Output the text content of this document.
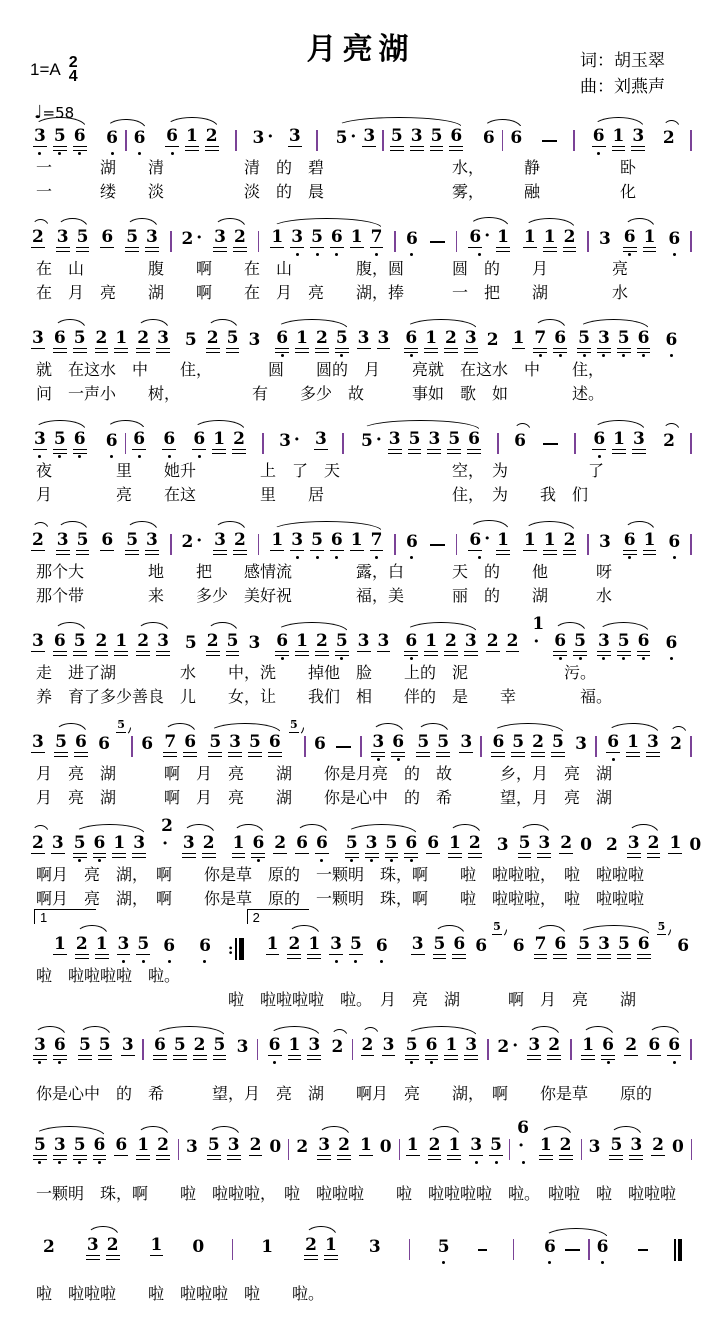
月亮湖	词：胡玉翠
曲：刘燕声
1=A 2
4
♩=58
3 5 6 6 6 6 1 2 3 · 3 5 · 3 5 3 5 6 6 6	6 1 3 2
一　　　湖　　清　　　　　清　的　碧　　　　　　　　水，　　　静　　　　　卧
一　　　缕　　淡　　　　　淡　的　晨　　　　　　　　雾，　　　融　　　　　化
2 3 5 6 5 3 2 · 3 2 1 3 5 6 1 7 6	6 · 1 1 1 2 3 6 1 6
在　山　　　　腹　　啊　　在　山　　　　腹，圆　　　圆　的　　月　　　　亮
在　月　亮　　湖　　啊　　在　月　亮　　湖，捧　　　一　把　　湖　　　　水
3 6 5 2 1 2 3 5 2 5 3 6 1 2 5 3 3 6 1 2 3 2 1 7 6 5 3 5 6 6
就　在这水　中　　住，　　　　圆　　圆的　月　　亮就　在这水　中　　住，
问　一声小　　树，　　　　　有　　多少　故　　　事如　歌　如　　　　述。
3 5 6 6 6 6 6 1 2 3 · 3 5 · 3 5 3 5 6 6	6 1 3 2
夜　　　　里　　她升　　　　上　了　天　　　　　　　空，　为　　　　　了
月　　　　亮　　在这　　　　里　　居　　　　　　　　住，　为　　我　们
2 3 5 6 5 3 2 · 3 2 1 3 5 6 1 7 6	6 · 1 1 1 2 3 6 1 6
那个大　　　　地　　把　　感情流　　　　露，白　　　天　的　　他　　　呀
那个带　　　　来　　多少　美好祝　　　　福，美　　　丽　的　　湖　　　水
3 6 5 2 1 2 3 5 2 5 3 6 1 2 5 3 3 6 1 2 3 2 2
1· 6 5 3 5 6 6
走　进了湖　　　　水　　中，洗　　掉他　脸　　上的　泥　　　　　　污。
养　育了多少善良　儿　　女，让　　我们　相　　伴的　是　　幸　　　　福。
3 5 6 6
5
6 7 6 5 3 5 6
5
6	3 6 5 5 3 6 5 2 5 3 6 1 3 2
月　亮　湖　　　啊　月　亮　　湖　　你是月亮　的　故　　　乡，月　亮　湖
月　亮　湖　　　啊　月　亮　　湖　　你是心中　的　希　　　望，月　亮　湖
2 3 5 6 1 3
2· 3 2 1 6 2 6 6 5 3 5 6 6 1 2 3 5 3 2 0 2 3 2 1 0
啊月　亮　湖，　啊　　你是草　原的　一颗明　珠，啊　　啦　啦啦啦，　啦　啦啦啦
啊月　亮　湖，　啊　　你是草　原的　一颗明　珠，啊　　啦　啦啦啦，　啦　啦啦啦
1
1 2 1 3 5 6 6 :
2
1 2 1 3 5 6 3 5 6 6
5
6 7 6 5 3 5 6
5
6
啦　啦啦啦啦　啦。
　　　　　　　　　　　　啦　啦啦啦啦　啦。　月　亮　湖　　　啊　月　亮　　湖
3 6 5 5 3 6 5 2 5 3 6 1 3 2 2 3 5 6 1 3 2 · 3 2 1 6 2 6 6
你是心中　的　希　　　望，月　亮　湖　　啊月　亮　　湖，　啊　　你是草　　原的
5 3 5 6 6 1 2 3 5 3 2 0 2 3 2 1 0 1 2 1 3 5
6· 1 2 3 5 3 2 0
一颗明　珠，啊　　啦　啦啦啦，　啦　啦啦啦　　啦　啦啦啦啦　啦。　啦啦　啦　啦啦啦
2 3 2 1 0	1 2 1 3	5	6 6
啦　啦啦啦　　啦　啦啦啦　啦　　啦。
